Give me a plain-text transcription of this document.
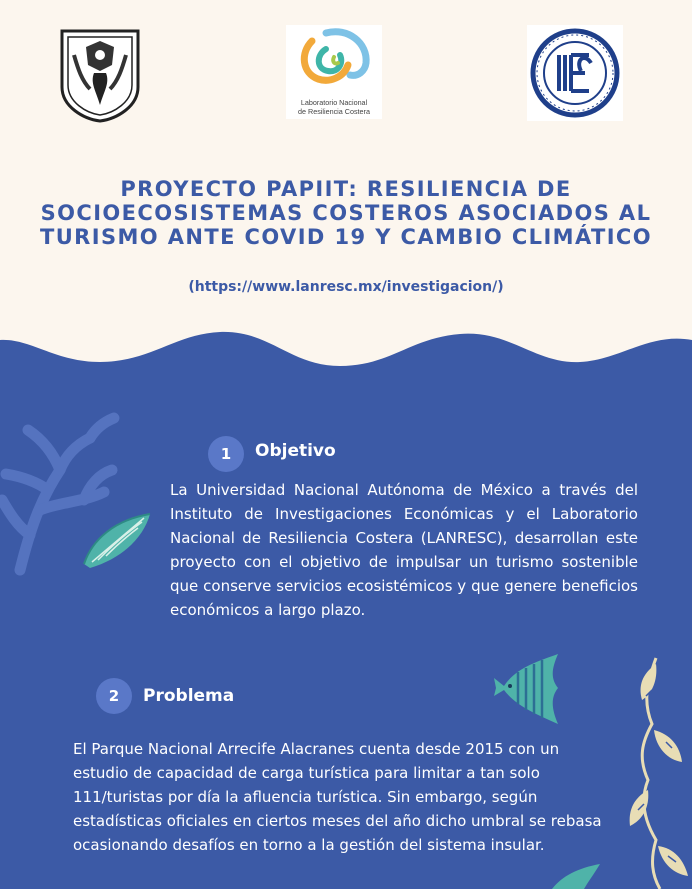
Laboratorio Nacional
de Resiliencia Costera
PROYECTO PAPIIT: RESILIENCIA DE SOCIOECOSISTEMAS COSTEROS ASOCIADOS AL TURISMO ANTE COVID 19 Y CAMBIO CLIMÁTICO
(https://www.lanresc.mx/investigacion/)
1	Objetivo
La Universidad Nacional Autónoma de México a través del Instituto de Investigaciones Económicas y el Laboratorio Nacional de Resiliencia Costera (LANRESC), desarrollan este proyecto con el objetivo de impulsar un turismo sostenible que conserve servicios ecosistémicos y que genere beneficios económicos a largo plazo.
2	Problema
El Parque Nacional Arrecife Alacranes cuenta desde 2015 con un estudio de capacidad de carga turística para limitar a tan solo 111/turistas por día la afluencia turística. Sin embargo, según estadísticas oficiales en ciertos meses del año dicho umbral se rebasa ocasionando desafíos en torno a la gestión del sistema insular.
